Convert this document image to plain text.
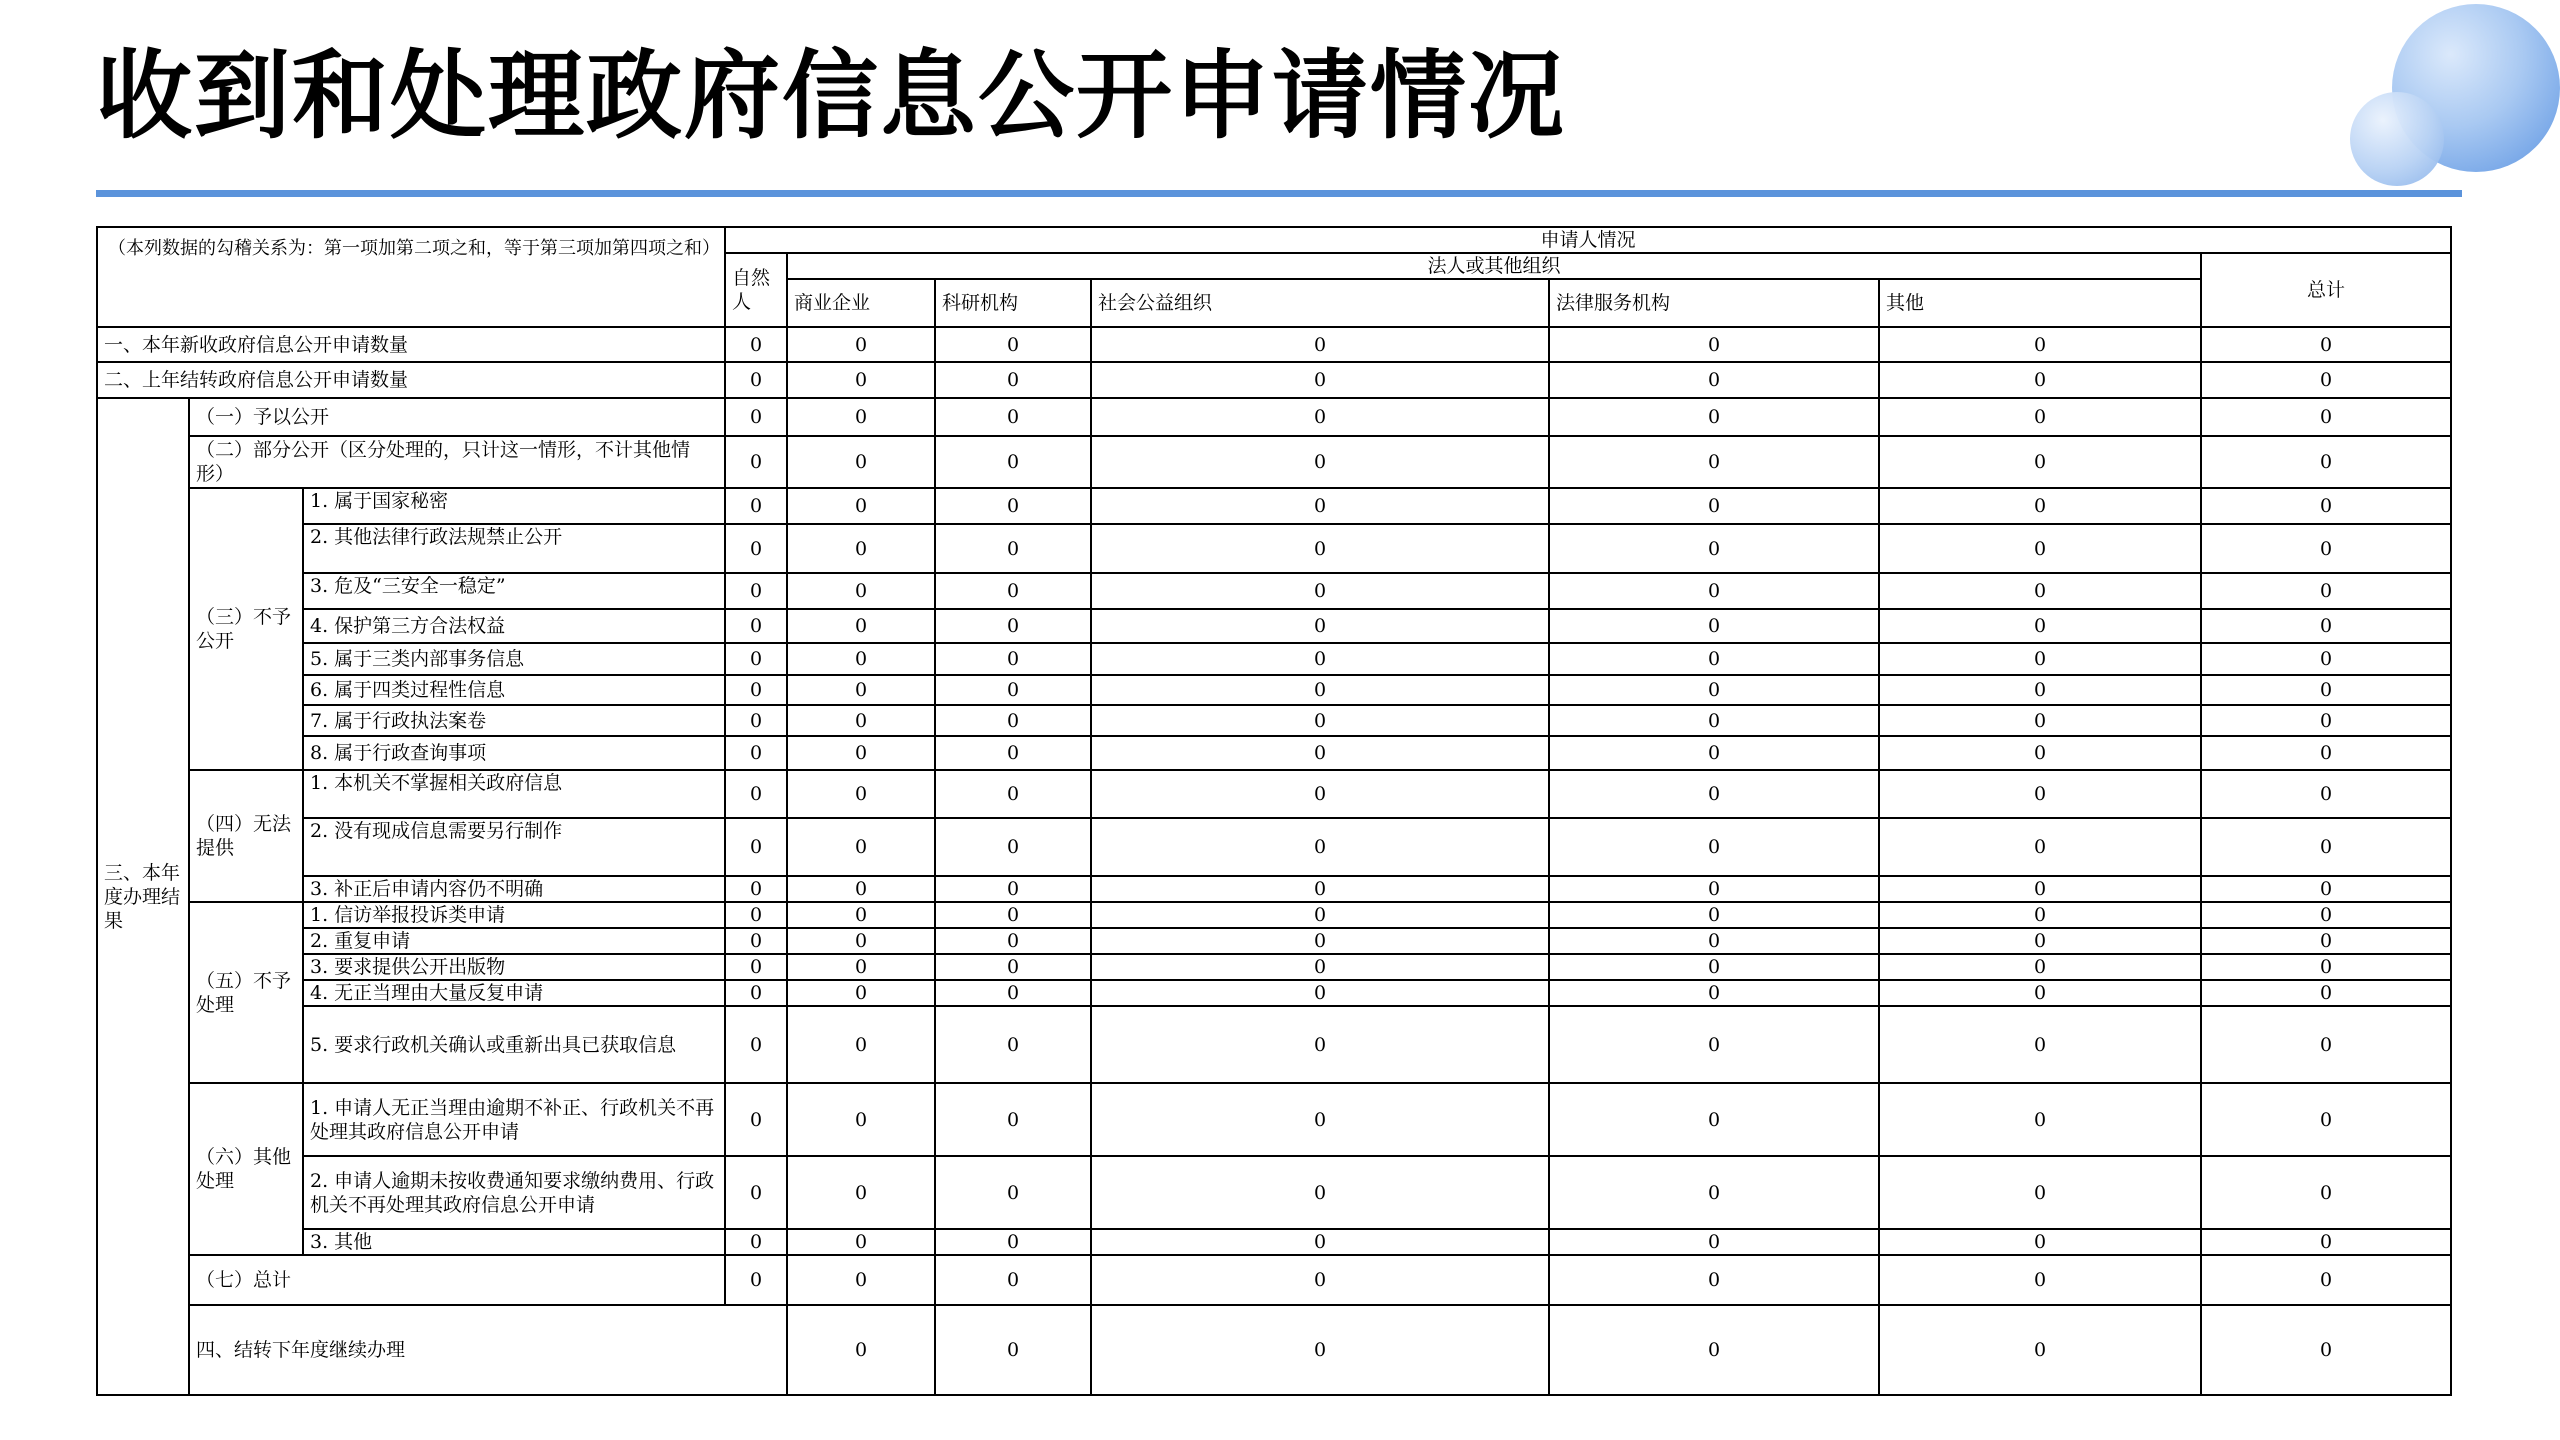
收到和处理政府信息公开申请情况
（本列数据的勾稽关系为：第一项加第二项之和，等于第三项加第四项之和）			申请人情况							
			自然人	法人或其他组织					总计	
				商业企业	科研机构	社会公益组织	法律服务机构	其他		
一、本年新收政府信息公开申请数量			0	0	0	0	0	0	0	
二、上年结转政府信息公开申请数量			0	0	0	0	0	0	0	
三、本年度办理结果	（一）予以公开		0	0	0	0	0	0	0	
	（二）部分公开（区分处理的，只计这一情形，不计其他情形）		0	0	0	0	0	0	0	
	（三）不予公开	1. 属于国家秘密	0	0	0	0	0	0	0	
		2. 其他法律行政法规禁止公开	0	0	0	0	0	0	0	
		3. 危及“三安全一稳定”	0	0	0	0	0	0	0	
		4. 保护第三方合法权益	0	0	0	0	0	0	0	
		5. 属于三类内部事务信息	0	0	0	0	0	0	0	
		6. 属于四类过程性信息	0	0	0	0	0	0	0	
		7. 属于行政执法案卷	0	0	0	0	0	0	0	
		8. 属于行政查询事项	0	0	0	0	0	0	0	
	（四）无法提供	1. 本机关不掌握相关政府信息	0	0	0	0	0	0	0	
		2. 没有现成信息需要另行制作	0	0	0	0	0	0	0	
		3. 补正后申请内容仍不明确	0	0	0	0	0	0	0	
	（五）不予处理	1. 信访举报投诉类申请	0	0	0	0	0	0	0	
		2. 重复申请	0	0	0	0	0	0	0	
		3. 要求提供公开出版物	0	0	0	0	0	0	0	
		4. 无正当理由大量反复申请	0	0	0	0	0	0	0	
		5. 要求行政机关确认或重新出具已获取信息	0	0	0	0	0	0	0	
	（六）其他处理	1. 申请人无正当理由逾期不补正、行政机关不再处理其政府信息公开申请	0	0	0	0	0	0	0	
		2. 申请人逾期未按收费通知要求缴纳费用、行政机关不再处理其政府信息公开申请	0	0	0	0	0	0	0	
		3. 其他	0	0	0	0	0	0	0	
	（七）总计		0	0	0	0	0	0	0	
	四、结转下年度继续办理			0	0	0	0	0	0	
